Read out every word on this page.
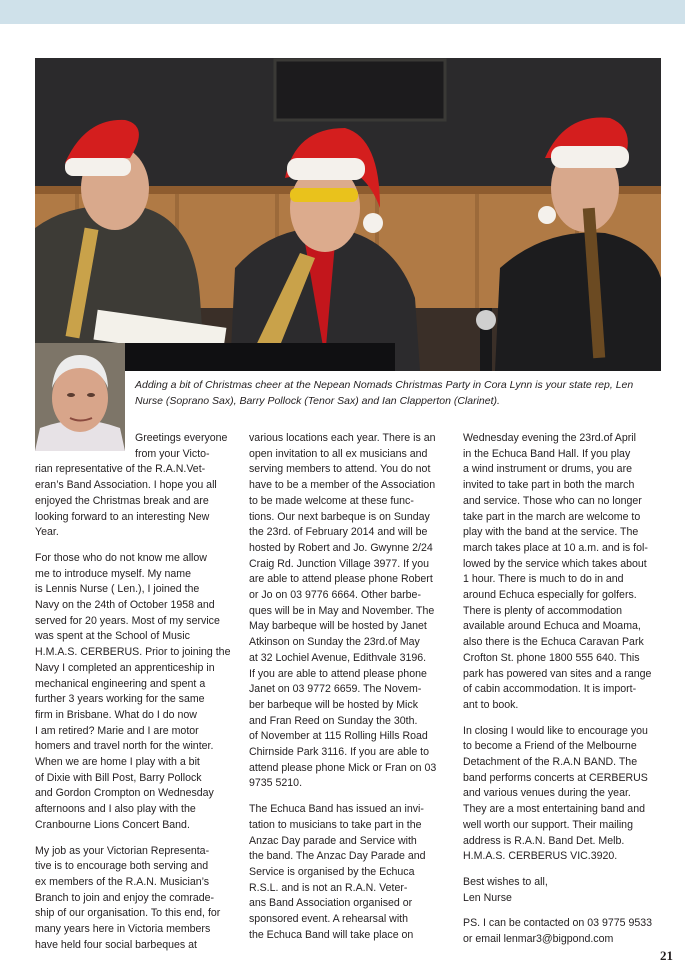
Adding a bit of Christmas cheer at the Nepean Nomads Christmas Party in Cora Lynn is your state rep, Len Nurse (Soprano Sax), Barry Pollock (Tenor Sax) and Ian Clapperton (Clarinet).

Greetings everyone
from your Victo-

rian representative of the R.A.N.Vet-
eran’s Band Association. I hope you all
enjoyed the Christmas break and are
looking forward to an interesting New
Year.

For those who do not know me allow
me to introduce myself. My name
is Lennis Nurse ( Len.), I joined the
Navy on the 24th of October 1958 and
served for 20 years. Most of my service
was spent at the School of Music
H.M.A.S. CERBERUS. Prior to joining the
Navy I completed an apprenticeship in
mechanical engineering and spent a
further 3 years working for the same
firm in Brisbane. What do I do now
I am retired? Marie and I are motor
homers and travel north for the winter.
When we are home I play with a bit
of Dixie with Bill Post, Barry Pollock
and Gordon Crompton on Wednesday
afternoons and I also play with the
Cranbourne Lions Concert Band.

My job as your Victorian Representa-
tive is to encourage both serving and
ex members of the R.A.N. Musician’s
Branch to join and enjoy the comrade-
ship of our organisation. To this end, for
many years here in Victoria members
have held four social barbeques at

various locations each year. There is an
open invitation to all ex musicians and
serving members to attend. You do not
have to be a member of the Association
to be made welcome at these func-
tions. Our next barbeque is on Sunday
the 23rd. of February 2014 and will be
hosted by Robert and Jo. Gwynne 2/24
Craig Rd. Junction Village 3977. If you
are able to attend please phone Robert
or Jo on 03 9776 6664. Other barbe-
ques will be in May and November. The
May barbeque will be hosted by Janet
Atkinson on Sunday the 23rd.of May
at 32 Lochiel Avenue, Edithvale 3196.
If you are able to attend please phone
Janet on 03 9772 6659. The Novem-
ber barbeque will be hosted by Mick
and Fran Reed on Sunday the 30th.
of November at 115 Rolling Hills Road
Chirnside Park 3116. If you are able to
attend please phone Mick or Fran on 03
9735 5210.

The Echuca Band has issued an invi-
tation to musicians to take part in the
Anzac Day parade and Service with
the band. The Anzac Day Parade and
Service is organised by the Echuca
R.S.L. and is not an R.A.N. Veter-
ans Band Association organised or
sponsored event. A rehearsal with
the Echuca Band will take place on

Wednesday evening the 23rd.of April
in the Echuca Band Hall. If you play
a wind instrument or drums, you are
invited to take part in both the march
and service. Those who can no longer
take part in the march are welcome to
play with the band at the service. The
march takes place at 10 a.m. and is fol-
lowed by the service which takes about
1 hour. There is much to do in and
around Echuca especially for golfers.
There is plenty of accommodation
available around Echuca and Moama,
also there is the Echuca Caravan Park
Crofton St. phone 1800 555 640. This
park has powered van sites and a range
of cabin accommodation. It is import-
ant to book.

In closing I would like to encourage you
to become a Friend of the Melbourne
Detachment of the R.A.N BAND. The
band performs concerts at CERBERUS
and various venues during the year.
They are a most entertaining band and
well worth our support. Their mailing
address is R.A.N. Band Det. Melb.
H.M.A.S. CERBERUS VIC.3920.

Best wishes to all,
Len Nurse

PS. I can be contacted on 03 9775 9533
or email lenmar3@bigpond.com

21
